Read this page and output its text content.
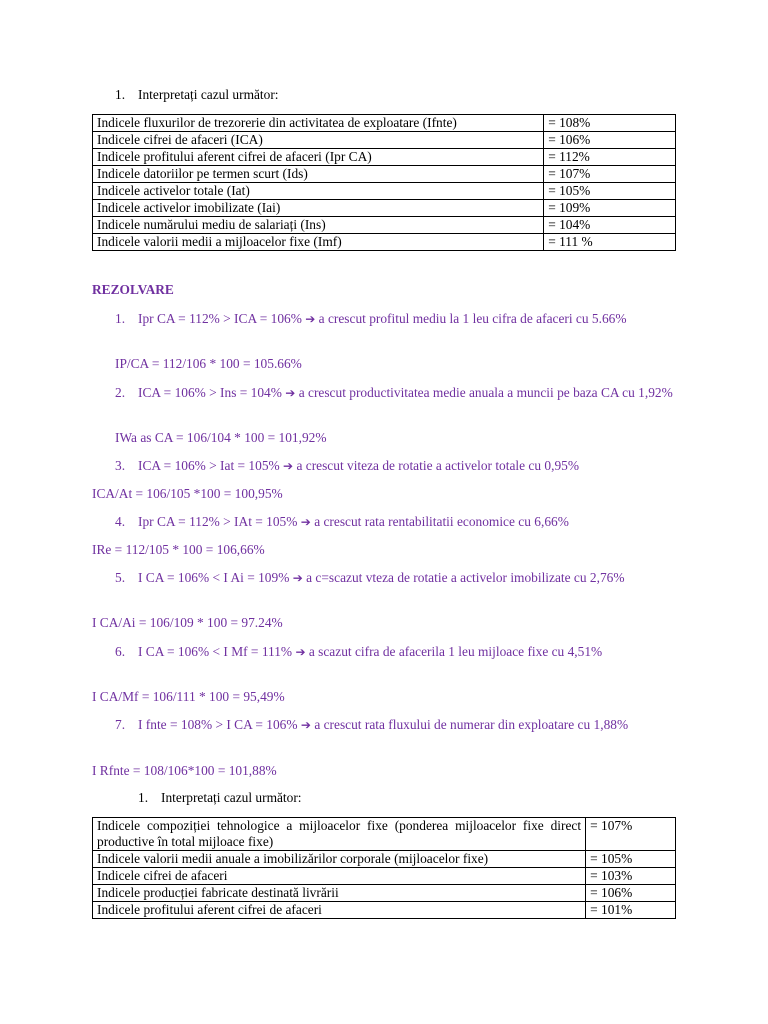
1. Interpretați cazul următor:
Indicele fluxurilor de trezorerie din activitatea de exploatare (Ifnte)	= 108%
Indicele cifrei de afaceri (ICA)	= 106%
Indicele profitului aferent cifrei de afaceri (Ipr CA)	= 112%
Indicele datoriilor pe termen scurt (Ids)	= 107%
Indicele activelor totale (Iat)	= 105%
Indicele activelor imobilizate (Iai)	= 109%
Indicele numărului mediu de salariați (Ins)	= 104%
Indicele valorii medii a mijloacelor fixe (Imf)	= 111 %
REZOLVARE
1. Ipr CA = 112% > ICA = 106% ➔ a crescut profitul mediu la 1 leu cifra de afaceri cu 5.66%
IP/CA = 112/106 * 100 = 105.66%
2. ICA = 106% > Ins = 104% ➔ a crescut productivitatea medie anuala a muncii pe baza CA cu 1,92%
IWa as CA = 106/104 * 100 = 101,92%
3. ICA = 106% > Iat = 105% ➔ a crescut viteza de rotatie a activelor totale cu 0,95%
ICA/At = 106/105 *100 = 100,95%
4. Ipr CA = 112% > IAt = 105% ➔ a crescut rata rentabilitatii economice cu 6,66%
IRe = 112/105 * 100 = 106,66%
5. I CA = 106% < I Ai = 109% ➔ a c=scazut vteza de rotatie a activelor imobilizate cu 2,76%
I CA/Ai = 106/109 * 100 = 97.24%
6. I CA = 106% < I Mf = 111% ➔ a scazut cifra de afacerila 1 leu mijloace fixe cu 4,51%
I CA/Mf = 106/111 * 100 = 95,49%
7. I fnte = 108% > I CA = 106% ➔ a crescut rata fluxului de numerar din exploatare cu 1,88%
I Rfnte = 108/106*100 = 101,88%
1. Interpretați cazul următor:
Indicele compoziției tehnologice a mijloacelor fixe (ponderea mijloacelor fixe direct productive în total mijloace fixe)	= 107%
Indicele valorii medii anuale a imobilizărilor corporale (mijloacelor fixe)	= 105%
Indicele cifrei de afaceri	= 103%
Indicele producției fabricate destinată livrării	= 106%
Indicele profitului aferent cifrei de afaceri	= 101%
